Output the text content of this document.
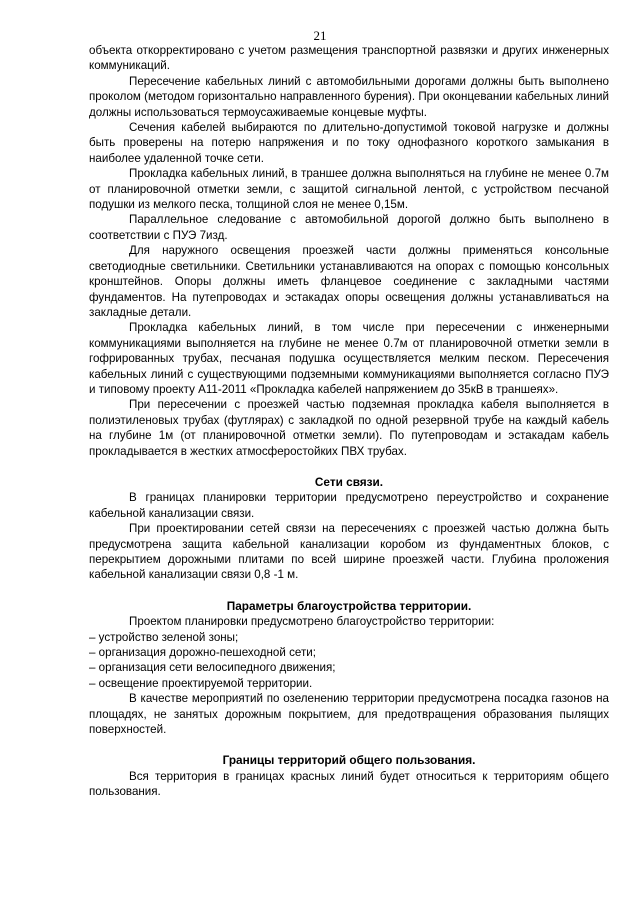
21

объекта откорректировано с учетом размещения транспортной развязки и других инженерных коммуникаций.

Пересечение кабельных линий с автомобильными дорогами должны быть выполнено проколом (методом горизонтально направленного бурения). При оконцевании кабельных линий должны использоваться термоусаживаемые концевые муфты.

Сечения кабелей выбираются по длительно-допустимой токовой нагрузке и должны быть проверены на потерю напряжения и по току однофазного короткого замыкания в наиболее удаленной точке сети.

Прокладка кабельных линий, в траншее должна выполняться на глубине не менее 0.7м от планировочной отметки земли, с защитой сигнальной лентой, с устройством песчаной подушки из мелкого песка, толщиной слоя не менее 0,15м.

Параллельное следование с автомобильной дорогой должно быть выполнено в соответствии с ПУЭ 7изд.

Для наружного освещения проезжей части должны применяться консольные светодиодные светильники. Светильники устанавливаются на опорах с помощью консольных кронштейнов. Опоры должны иметь фланцевое соединение с закладными частями фундаментов. На путепроводах и эстакадах опоры освещения должны устанавливаться на закладные детали.

Прокладка кабельных линий, в том числе при пересечении с инженерными коммуникациями выполняется на глубине не менее 0.7м от планировочной отметки земли в гофрированных трубах, песчаная подушка осуществляется мелким песком. Пересечения кабельных линий с существующими подземными коммуникациями выполняется согласно ПУЭ и типовому проекту А11-2011 «Прокладка кабелей напряжением до 35кВ в траншеях».

При пересечении с проезжей частью подземная прокладка кабеля выполняется в полиэтиленовых трубах (футлярах) с закладкой по одной резервной трубе на каждый кабель на глубине 1м (от планировочной отметки земли). По путепроводам и эстакадам кабель прокладывается в жестких атмосферостойких ПВХ трубах.

Сети связи.

В границах планировки территории предусмотрено переустройство и сохранение кабельной канализации связи.

При проектировании сетей связи на пересечениях с проезжей частью должна быть предусмотрена защита кабельной канализации коробом из фундаментных блоков, с перекрытием дорожными плитами по всей ширине проезжей части. Глубина проложения кабельной канализации связи 0,8 -1 м.

Параметры благоустройства территории.

Проектом планировки предусмотрено благоустройство территории:

– устройство зеленой зоны;

– организация дорожно-пешеходной сети;

– организация сети велосипедного движения;

– освещение проектируемой территории.

В качестве мероприятий по озеленению территории предусмотрена посадка газонов на площадях, не занятых дорожным покрытием, для предотвращения образования пылящих поверхностей.

Границы территорий общего пользования.

Вся территория в границах красных линий будет относиться к территориям общего пользования.
